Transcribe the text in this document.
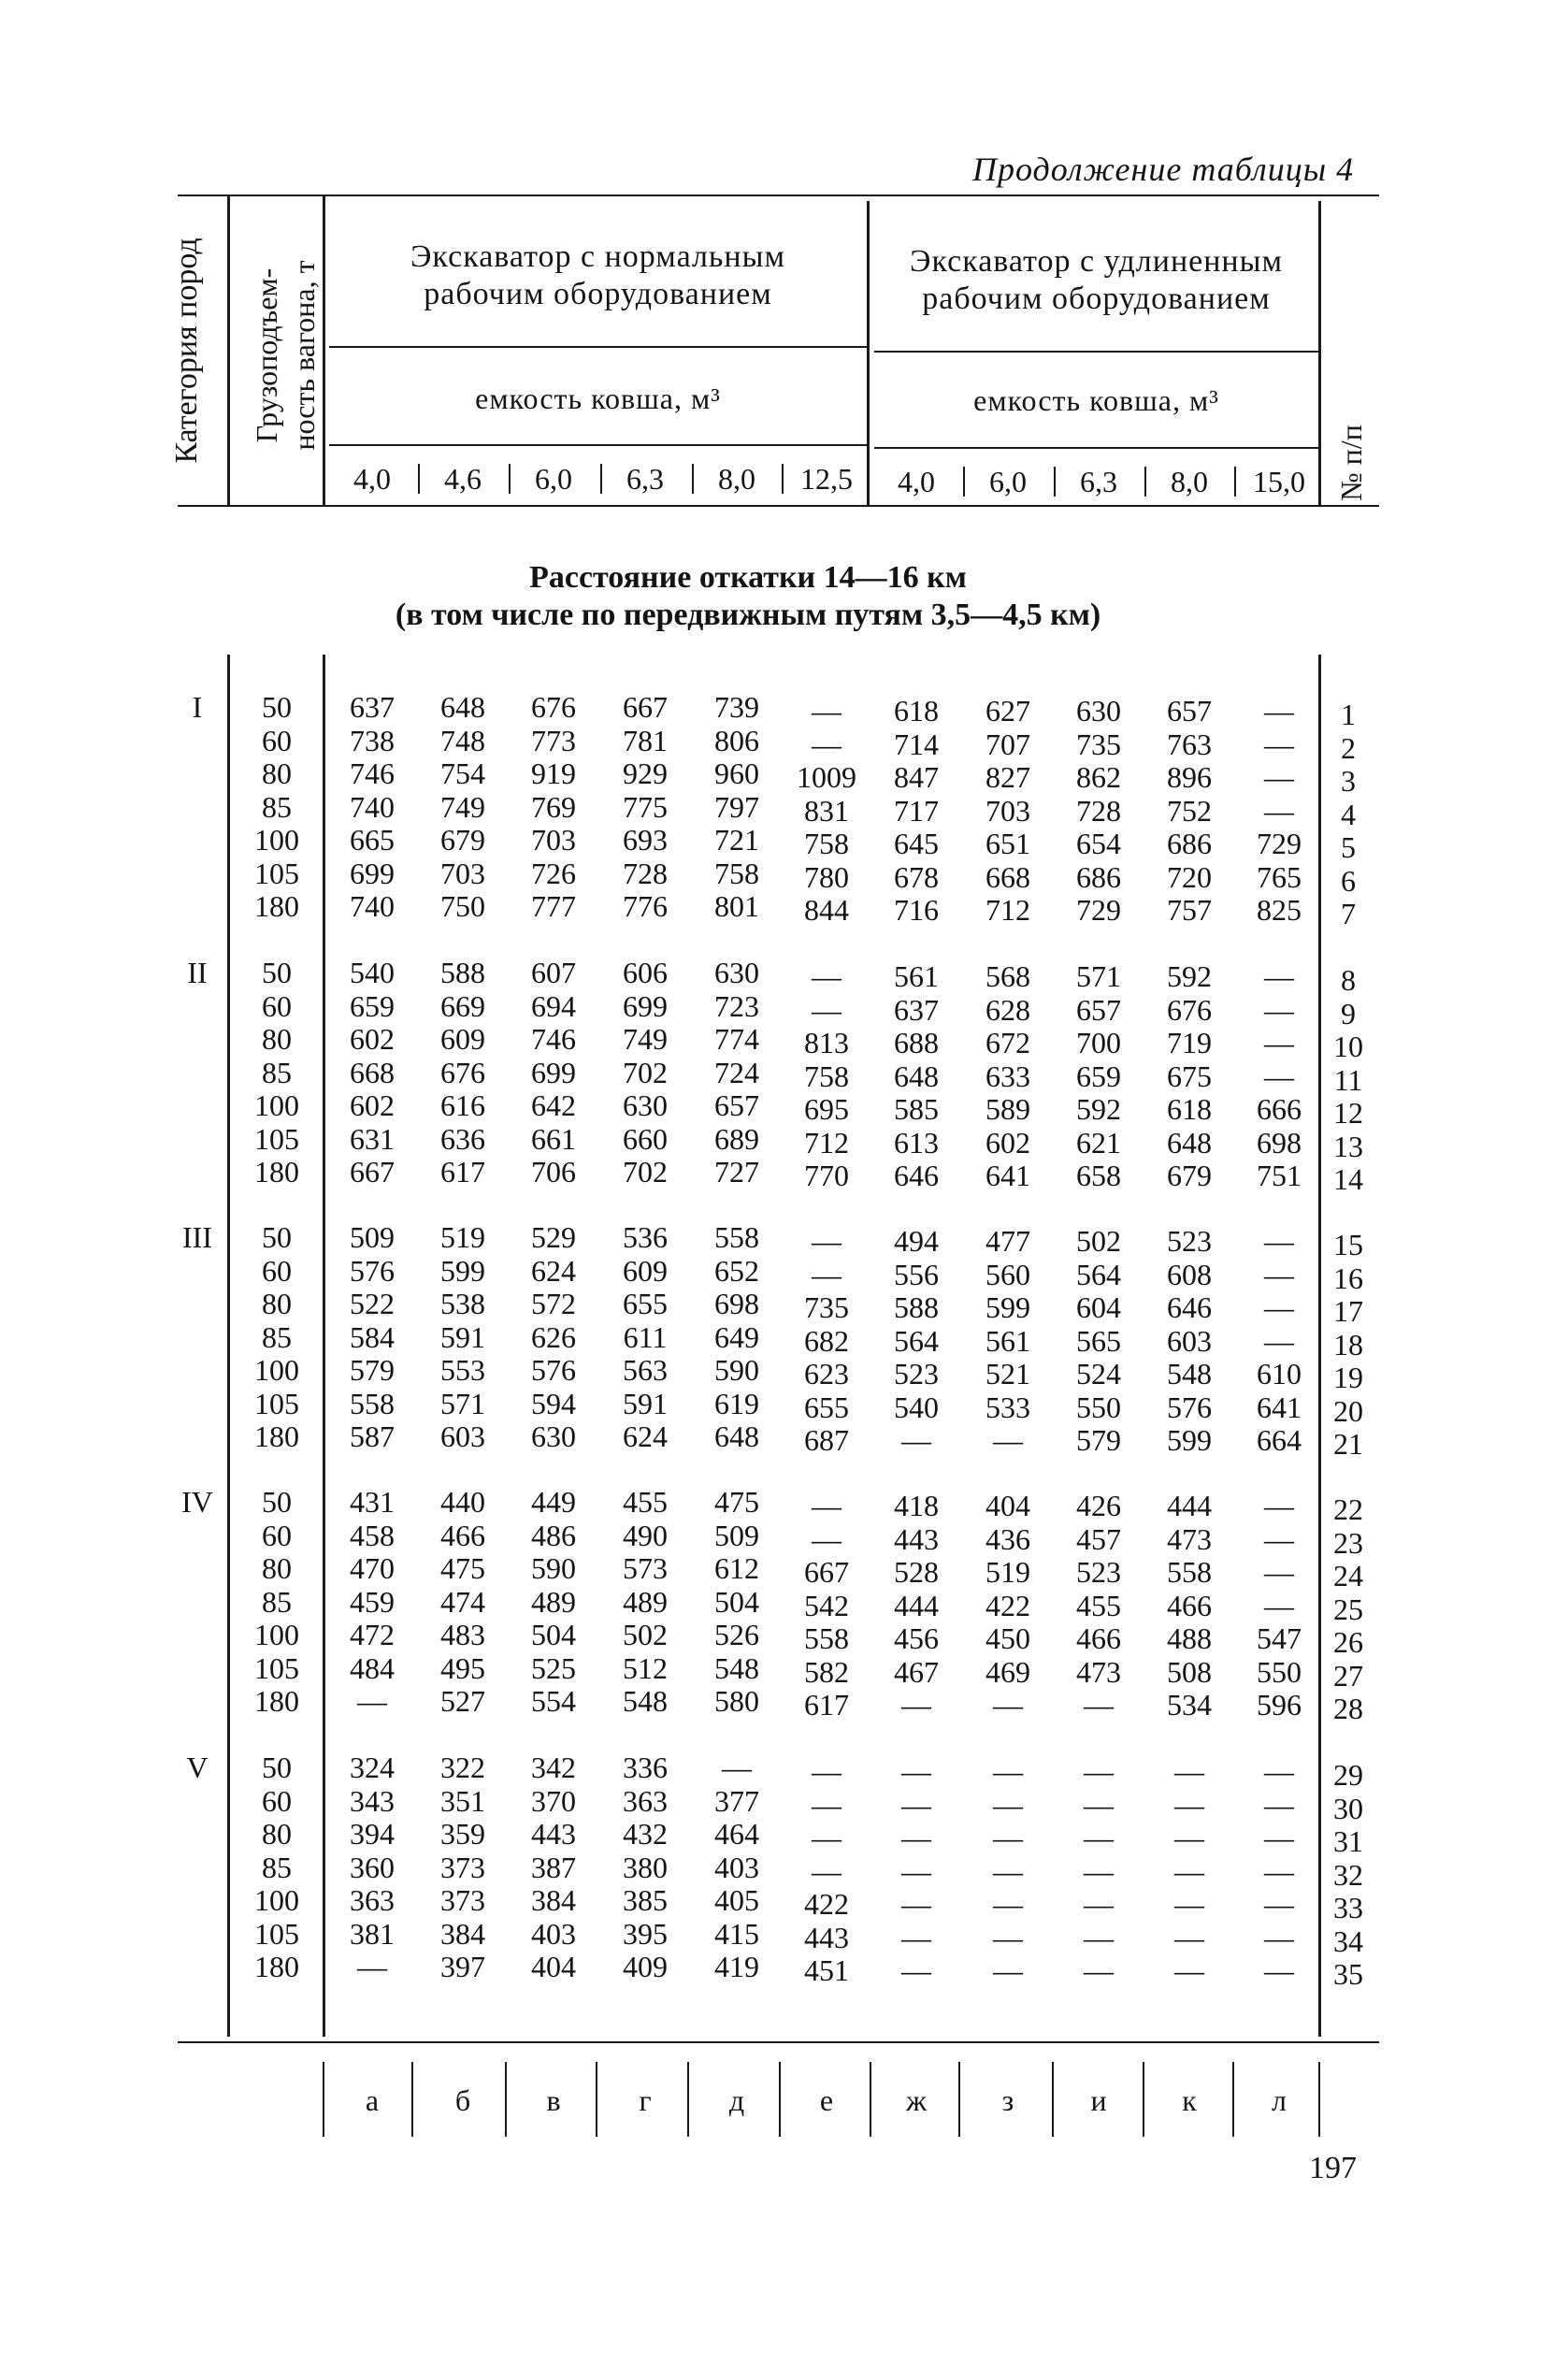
Продолжение таблицы 4
Категория пород Грузоподъем-
ность вагона, т
№ п/п
Экскаватор с нормальным
рабочим оборудованием
Экскаватор с удлиненным
рабочим оборудованием
емкость ковша, м³	емкость ковша, м³
4,0	4,6	6,0	6,3	8,0	12,5	4,0	6,0	6,3	8,0	15,0
Расстояние откатки 14—16 км
(в том числе по передвижным путям 3,5—4,5 км)
I	50	637	648	676	667	739	—	618	627	630	657	—	1
60	738	748	773	781	806	—	714	707	735	763	—	2
80	746	754	919	929	960	1009	847	827	862	896	—	3
85	740	749	769	775	797	831	717	703	728	752	—	4
100	665	679	703	693	721	758	645	651	654	686	729	5
105	699	703	726	728	758	780	678	668	686	720	765	6
180	740	750	777	776	801	844	716	712	729	757	825	7
II	50	540	588	607	606	630	—	561	568	571	592	—	8
60	659	669	694	699	723	—	637	628	657	676	—	9
80	602	609	746	749	774	813	688	672	700	719	—	10
85	668	676	699	702	724	758	648	633	659	675	—	11
100	602	616	642	630	657	695	585	589	592	618	666	12
105	631	636	661	660	689	712	613	602	621	648	698	13
180	667	617	706	702	727	770	646	641	658	679	751	14
III	50	509	519	529	536	558	—	494	477	502	523	—	15
60	576	599	624	609	652	—	556	560	564	608	—	16
80	522	538	572	655	698	735	588	599	604	646	—	17
85	584	591	626	611	649	682	564	561	565	603	—	18
100	579	553	576	563	590	623	523	521	524	548	610	19
105	558	571	594	591	619	655	540	533	550	576	641	20
180	587	603	630	624	648	687	—	—	579	599	664	21
IV	50	431	440	449	455	475	—	418	404	426	444	—	22
60	458	466	486	490	509	—	443	436	457	473	—	23
80	470	475	590	573	612	667	528	519	523	558	—	24
85	459	474	489	489	504	542	444	422	455	466	—	25
100	472	483	504	502	526	558	456	450	466	488	547	26
105	484	495	525	512	548	582	467	469	473	508	550	27
180	—	527	554	548	580	617	—	—	—	534	596	28
V	50	324	322	342	336	—	—	—	—	—	—	—	29
60	343	351	370	363	377	—	—	—	—	—	—	30
80	394	359	443	432	464	—	—	—	—	—	—	31
85	360	373	387	380	403	—	—	—	—	—	—	32
100	363	373	384	385	405	422	—	—	—	—	—	33
105	381	384	403	395	415	443	—	—	—	—	—	34
180	—	397	404	409	419	451	—	—	—	—	—	35
а	б	в	г	д	е	ж	з	и	к	л
197
